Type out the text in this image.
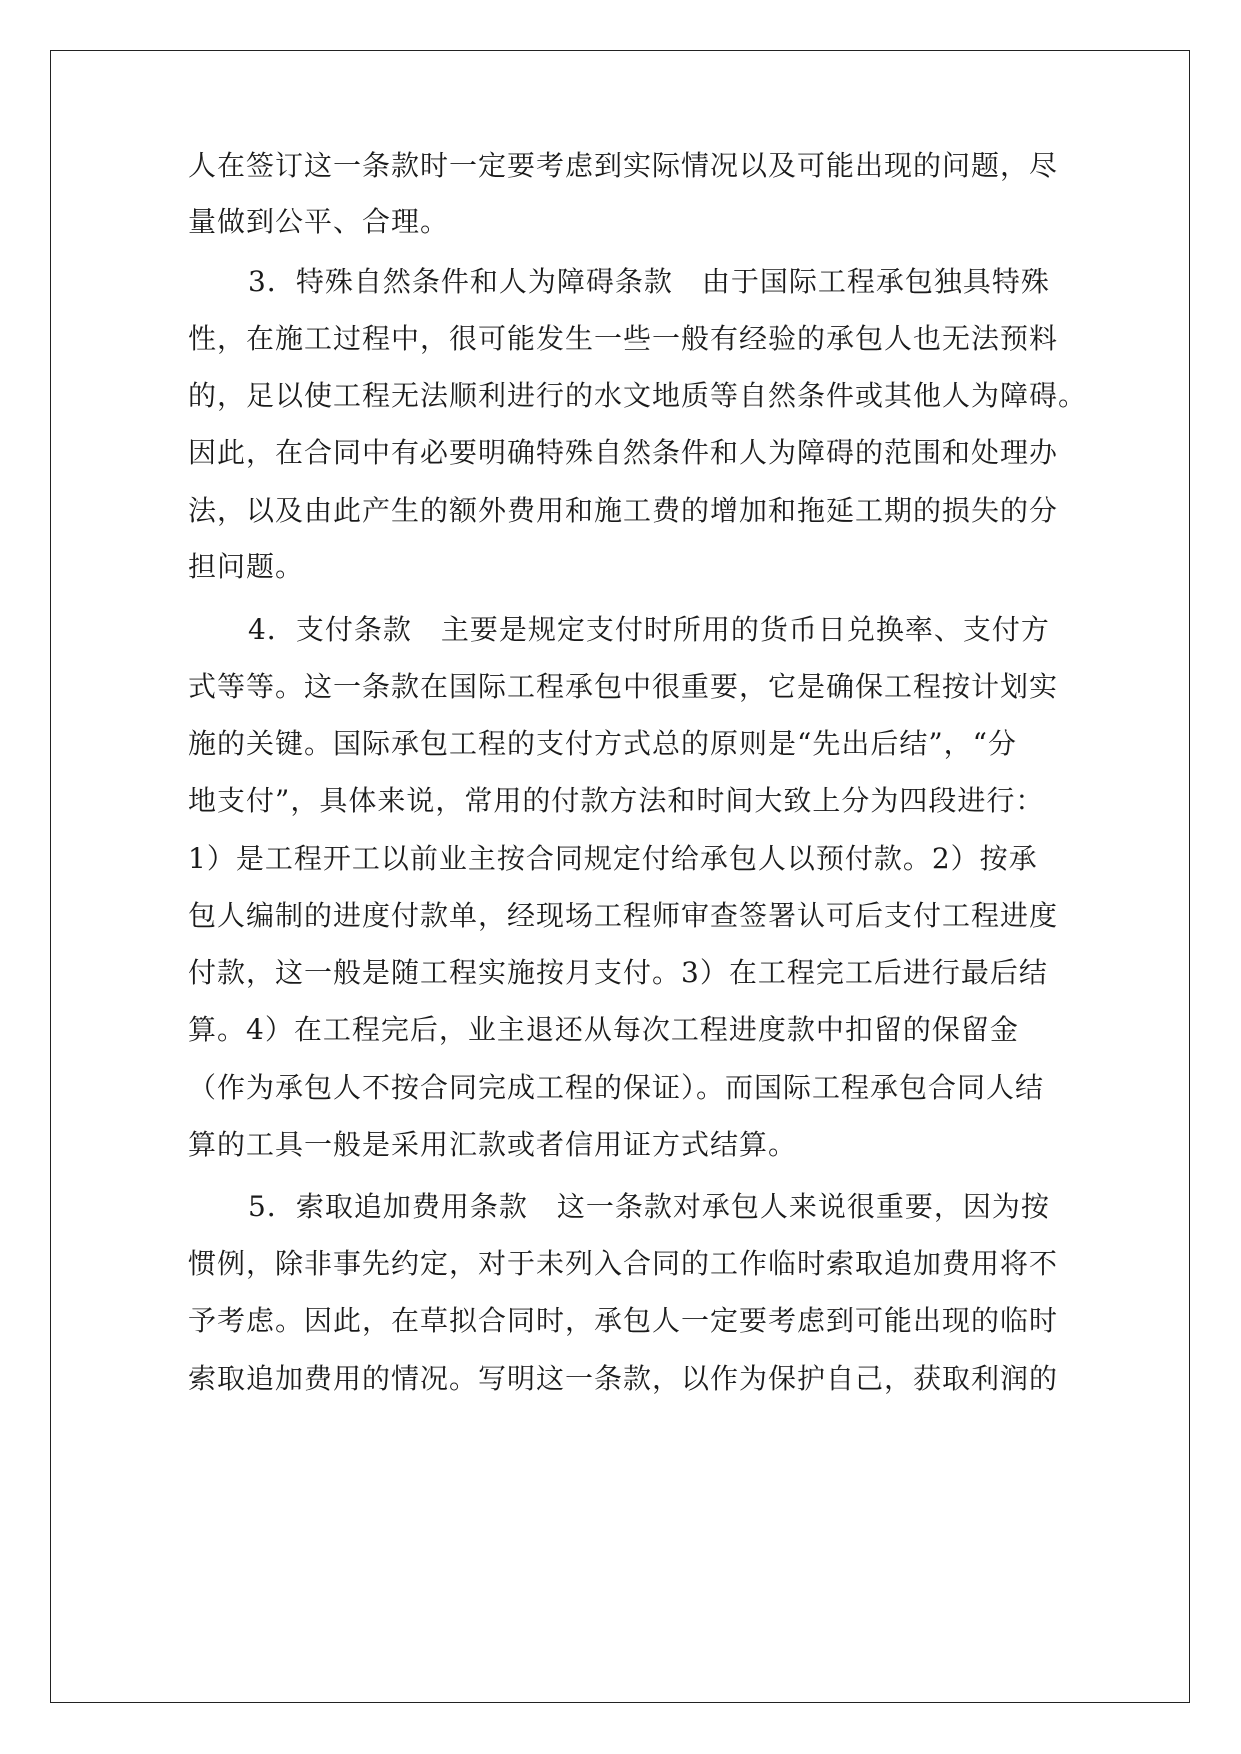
人在签订这一条款时一定要考虑到实际情况以及可能出现的问题，尽
量做到公平、合理。
3．特殊自然条件和人为障碍条款　由于国际工程承包独具特殊
性，在施工过程中，很可能发生一些一般有经验的承包人也无法预料
的，足以使工程无法顺利进行的水文地质等自然条件或其他人为障碍。
因此，在合同中有必要明确特殊自然条件和人为障碍的范围和处理办
法，以及由此产生的额外费用和施工费的增加和拖延工期的损失的分
担问题。
4．支付条款　主要是规定支付时所用的货币日兑换率、支付方
式等等。这一条款在国际工程承包中很重要，它是确保工程按计划实
施的关键。国际承包工程的支付方式总的原则是“先出后结”，“分
地支付”，具体来说，常用的付款方法和时间大致上分为四段进行：
1）是工程开工以前业主按合同规定付给承包人以预付款。2）按承
包人编制的进度付款单，经现场工程师审查签署认可后支付工程进度
付款，这一般是随工程实施按月支付。3）在工程完工后进行最后结
算。4）在工程完后，业主退还从每次工程进度款中扣留的保留金
（作为承包人不按合同完成工程的保证）。而国际工程承包合同人结
算的工具一般是采用汇款或者信用证方式结算。
5．索取追加费用条款　这一条款对承包人来说很重要，因为按
惯例，除非事先约定，对于未列入合同的工作临时索取追加费用将不
予考虑。因此，在草拟合同时，承包人一定要考虑到可能出现的临时
索取追加费用的情况。写明这一条款，以作为保护自己，获取利润的
